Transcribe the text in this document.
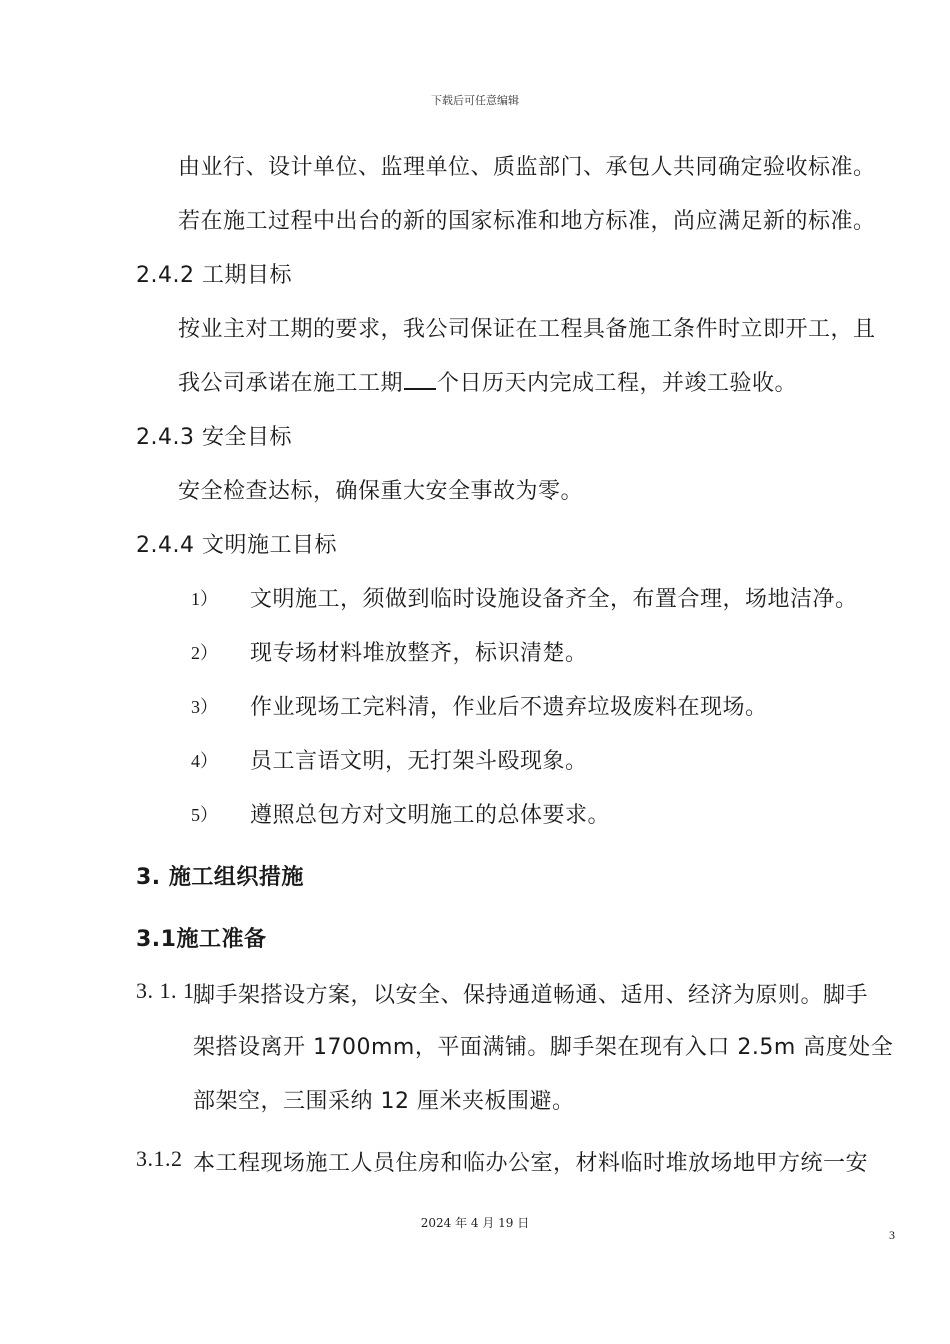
下载后可任意编辑
由业行、设计单位、监理单位、质监部门、承包人共同确定验收标准。
若在施工过程中出台的新的国家标准和地方标准，尚应满足新的标准。
2.4.2 工期目标
按业主对工期的要求，我公司保证在工程具备施工条件时立即开工，且
我公司承诺在施工工期 个日历天内完成工程，并竣工验收。
2.4.3 安全目标
安全检查达标，确保重大安全事故为零。
2.4.4 文明施工目标
1） 文明施工，须做到临时设施设备齐全，布置合理，场地洁净。
2） 现专场材料堆放整齐，标识清楚。
3） 作业现场工完料清，作业后不遗弃垃圾废料在现场。
4） 员工言语文明，无打架斗殴现象。
5） 遵照总包方对文明施工的总体要求。
3. 施工组织措施
3.1施工准备
3. 1. 1
脚手架搭设方案，以安全、保持通道畅通、适用、经济为原则。脚手
架搭设离开 1700mm，平面满铺。脚手架在现有入口 2.5m 高度处全
部架空，三围采纳 12 厘米夹板围避。
3.1.2 本工程现场施工人员住房和临办公室，材料临时堆放场地甲方统一安
3
2024 年 4 月 19 日
